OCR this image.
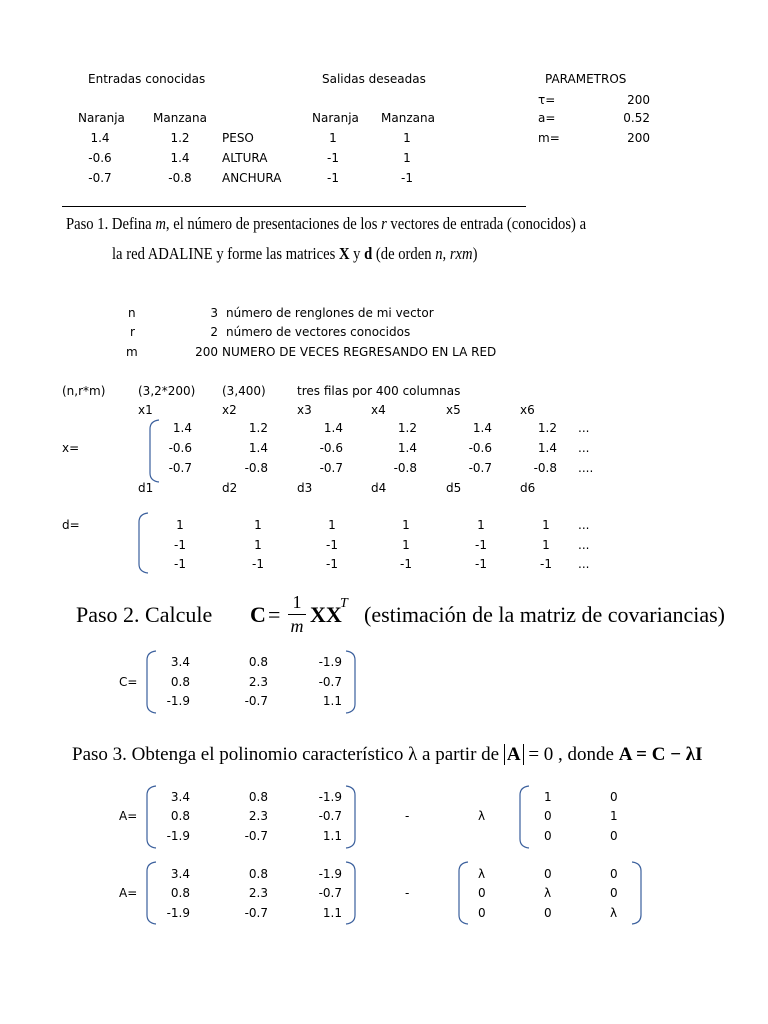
Entradas conocidas	Salidas deseadas	PARAMETROS
Naranja Manzana	Naranja Manzana
1.4	1.2	PESO	1	1
-0.6	1.4	ALTURA	-1	1
-0.7	-0.8	ANCHURA	-1	-1
τ=	200
a=	0.52
m=	200
Paso 1. Defina m, el número de presentaciones de los r vectores de entrada (conocidos) a
la red ADALINE y forme las matrices X y d (de orden n, rxm)
n	3 número de renglones de mi vector
r	2 número de vectores conocidos
m	200 NUMERO DE VECES REGRESANDO EN LA RED
(n,r*m)	(3,2*200) (3,400)	tres filas por 400 columnas
x1	x2	x3	x4	x5	x6
x=
1.4	1.2	1.4	1.2	1.4	1.2 ...
-0.6	1.4	-0.6	1.4	-0.6	1.4 ...
-0.7	-0.8	-0.7	-0.8	-0.7	-0.8 ....
d1	d2	d3	d4	d5	d6
d=	1	1	1	1	1	1	...
-1	1	-1	1	-1	1	...
-1	-1	-1	-1	-1	-1	...
Paso 2. Calcule C = 1
m XX
T (estimación de la matriz de covariancias)
C=
3.4	0.8	-1.9
0.8	2.3	-0.7
-1.9	-0.7	1.1
Paso 3. Obtenga el polinomio característico λ a partir de A = 0 , donde A = C − λI
A=
3.4	0.8	-1.9
0.8	2.3	-0.7
-1.9	-0.7	1.1
-	λ
1	0
0	1
0	0
A=
3.4	0.8	-1.9
0.8	2.3	-0.7
-1.9	-0.7	1.1
-
λ	0	0
0	λ	0
0	0	λ
